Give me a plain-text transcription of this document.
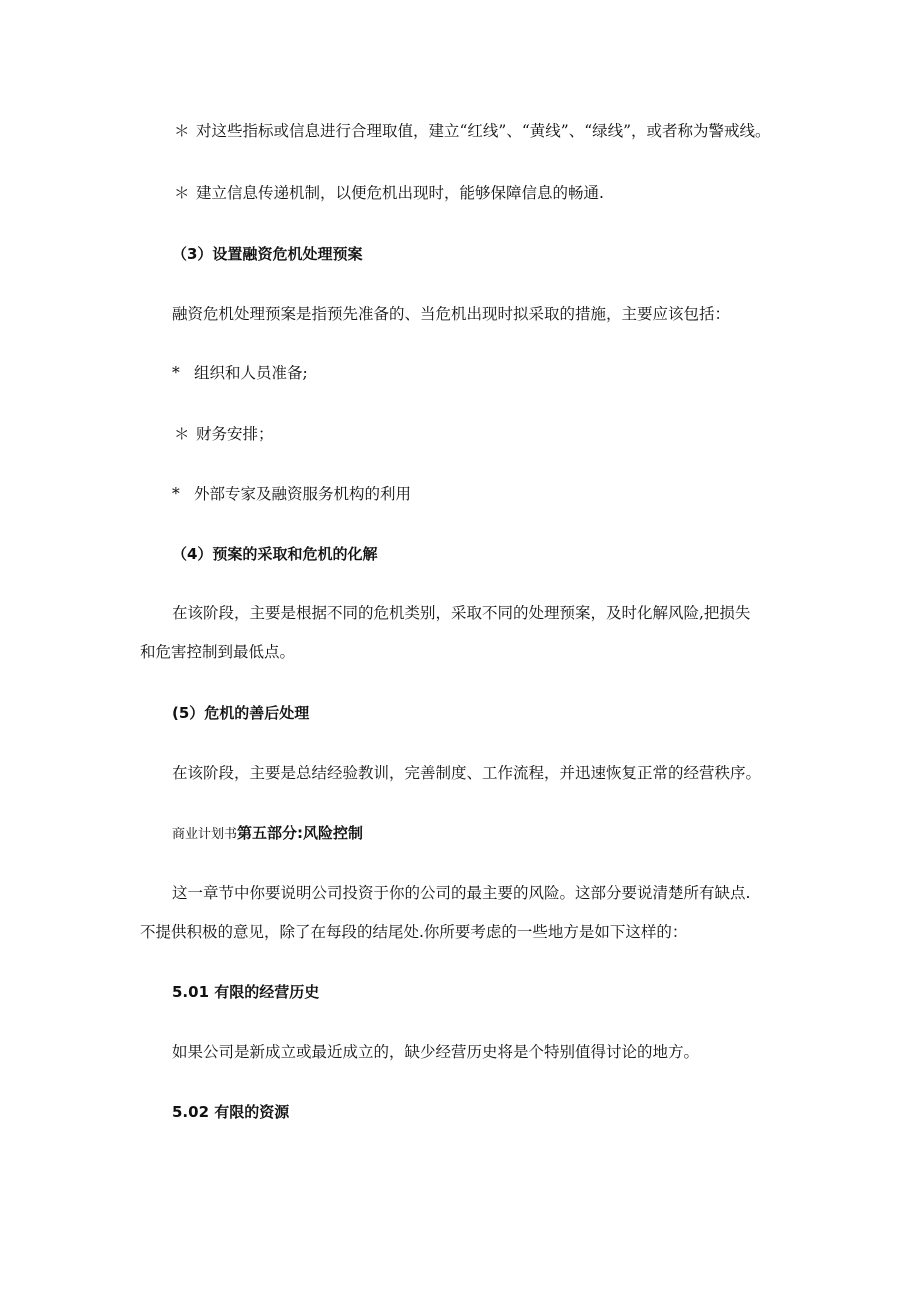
＊ 对这些指标或信息进行合理取值，建立“红线”、“黄线”、“绿线”，或者称为警戒线。
＊ 建立信息传递机制，以便危机出现时，能够保障信息的畅通.
（3）设置融资危机处理预案
融资危机处理预案是指预先准备的、当危机出现时拟采取的措施，主要应该包括：
* 组织和人员准备;
＊ 财务安排；
* 外部专家及融资服务机构的利用
（4）预案的采取和危机的化解
在该阶段，主要是根据不同的危机类别，采取不同的处理预案，及时化解风险,把损失
和危害控制到最低点。
(5）危机的善后处理
在该阶段，主要是总结经验教训，完善制度、工作流程，并迅速恢复正常的经营秩序。
商业计划书第五部分:风险控制
这一章节中你要说明公司投资于你的公司的最主要的风险。这部分要说清楚所有缺点.
不提供积极的意见，除了在每段的结尾处.你所要考虑的一些地方是如下这样的：
5.01 有限的经营历史
如果公司是新成立或最近成立的，缺少经营历史将是个特别值得讨论的地方。
5.02 有限的资源
